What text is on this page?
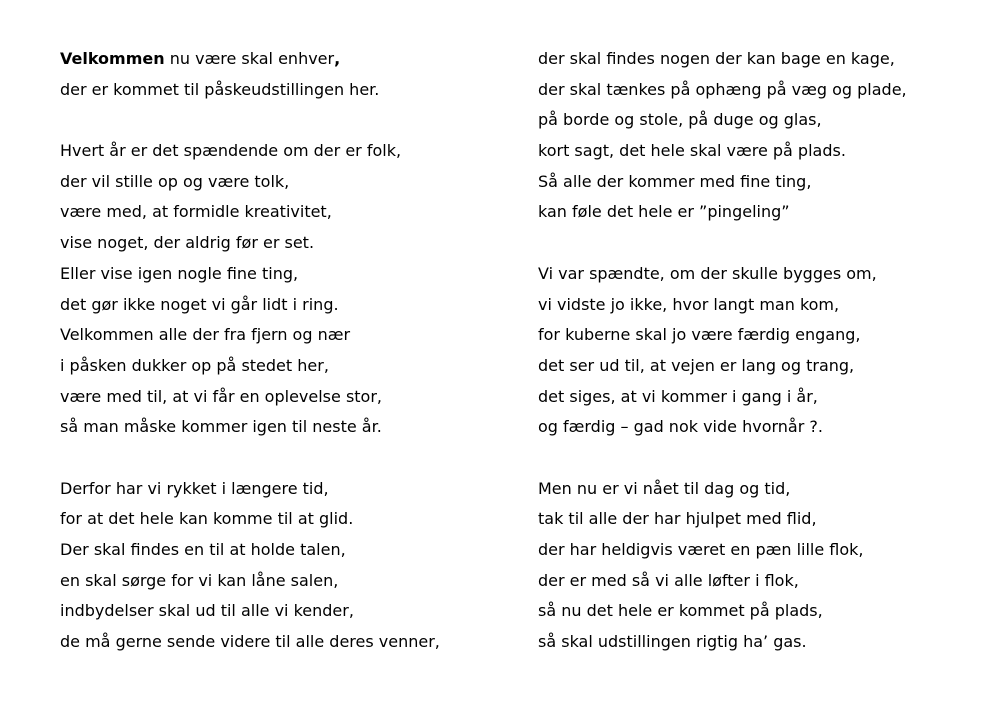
Velkommen nu være skal enhver,
der er kommet til påskeudstillingen her.
Hvert år er det spændende om der er folk,
der vil stille op og være tolk,
være med, at formidle kreativitet,
vise noget, der aldrig før er set.
Eller vise igen nogle fine ting,
det gør ikke noget vi går lidt i ring.
Velkommen alle der fra fjern og nær
i påsken dukker op på stedet her,
være med til, at vi får en oplevelse stor,
så man måske kommer igen til neste år.
Derfor har vi rykket i længere tid,
for at det hele kan komme til at glid.
Der skal findes en til at holde talen,
en skal sørge for vi kan låne salen,
indbydelser skal ud til alle vi kender,
de må gerne sende videre til alle deres venner,
der skal findes nogen der kan bage en kage,
der skal tænkes på ophæng på væg og plade,
på borde og stole, på duge og glas,
kort sagt, det hele skal være på plads.
Så alle der kommer med fine ting,
kan føle det hele er ”pingeling”
Vi var spændte, om der skulle bygges om,
vi vidste jo ikke, hvor langt man kom,
for kuberne skal jo være færdig engang,
det ser ud til, at vejen er lang og trang,
det siges, at vi kommer i gang i år,
og færdig – gad nok vide hvornår ?.
Men nu er vi nået til dag og tid,
tak til alle der har hjulpet med flid,
der har heldigvis været en pæn lille flok,
der er med så vi alle løfter i flok,
så nu det hele er kommet på plads,
så skal udstillingen rigtig ha’ gas.
